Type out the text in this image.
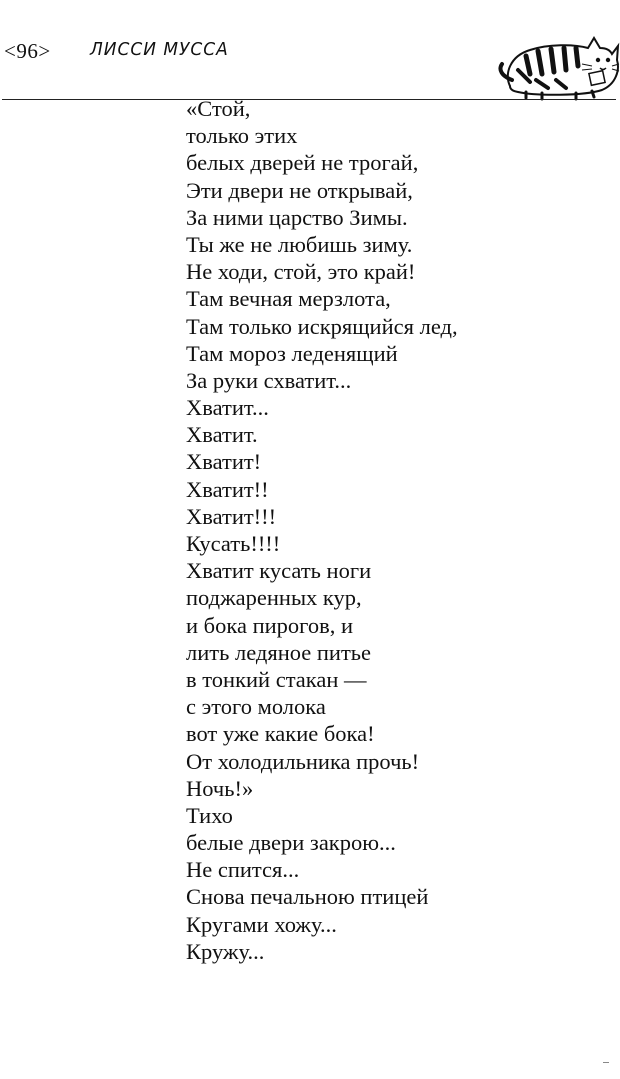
<96> ЛИССИ МУССА
«Стой,
только этих
белых дверей не трогай,
Эти двери не открывай,
За ними царство Зимы.
Ты же не любишь зиму.
Не ходи, стой, это край!
Там вечная мерзлота,
Там только искрящийся лед,
Там мороз леденящий
За руки схватит...
Хватит...
Хватит.
Хватит!
Хватит!!
Хватит!!!
Кусать!!!!
Хватит кусать ноги
поджаренных кур,
и бока пирогов, и
лить ледяное питье
в тонкий стакан —
с этого молока
вот уже какие бока!
От холодильника прочь!
Ночь!»
Тихо
белые двери закрою...
Не спится...
Снова печальною птицей
Кругами хожу...
Кружу...
